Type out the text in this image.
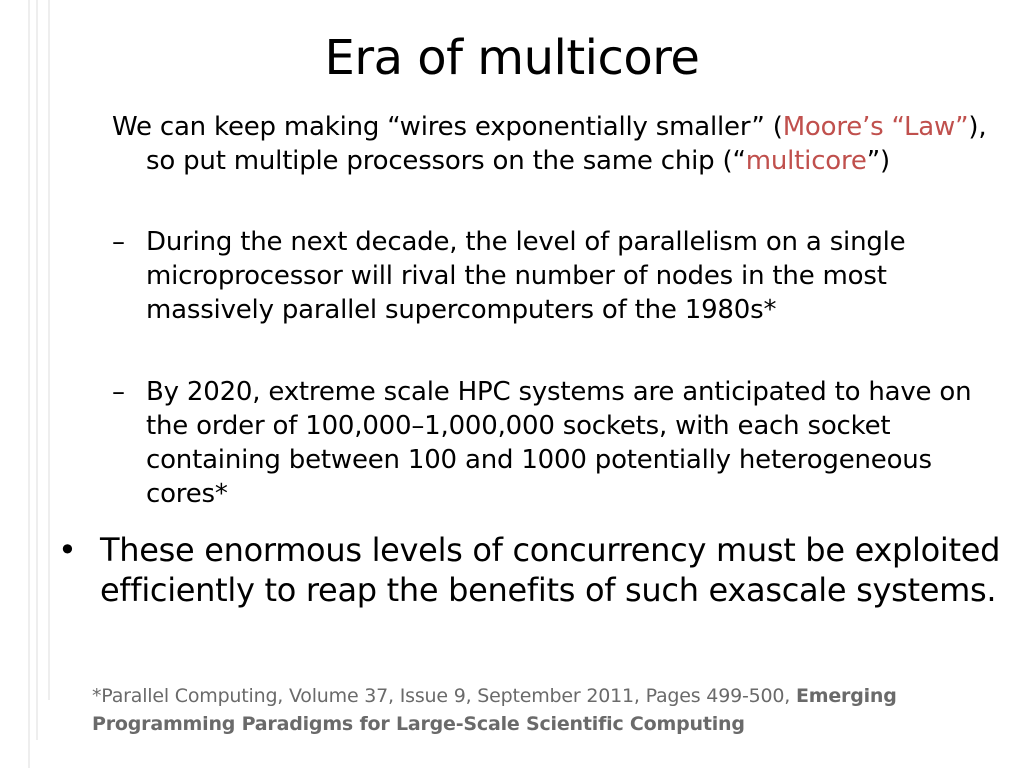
Era of multicore
We can keep making “wires exponentially smaller” (Moore’s “Law”), so put multiple processors on the same chip (“multicore”)
– During the next decade, the level of parallelism on a single microprocessor will rival the number of nodes in the most massively parallel supercomputers of the 1980s*
– By 2020, extreme scale HPC systems are anticipated to have on the order of 100,000–1,000,000 sockets, with each socket containing between 100 and 1000 potentially heterogeneous cores*
• These enormous levels of concurrency must be exploited efficiently to reap the benefits of such exascale systems.
*Parallel Computing, Volume 37, Issue 9, September 2011, Pages 499-500, Emerging Programming Paradigms for Large-Scale Scientific Computing
